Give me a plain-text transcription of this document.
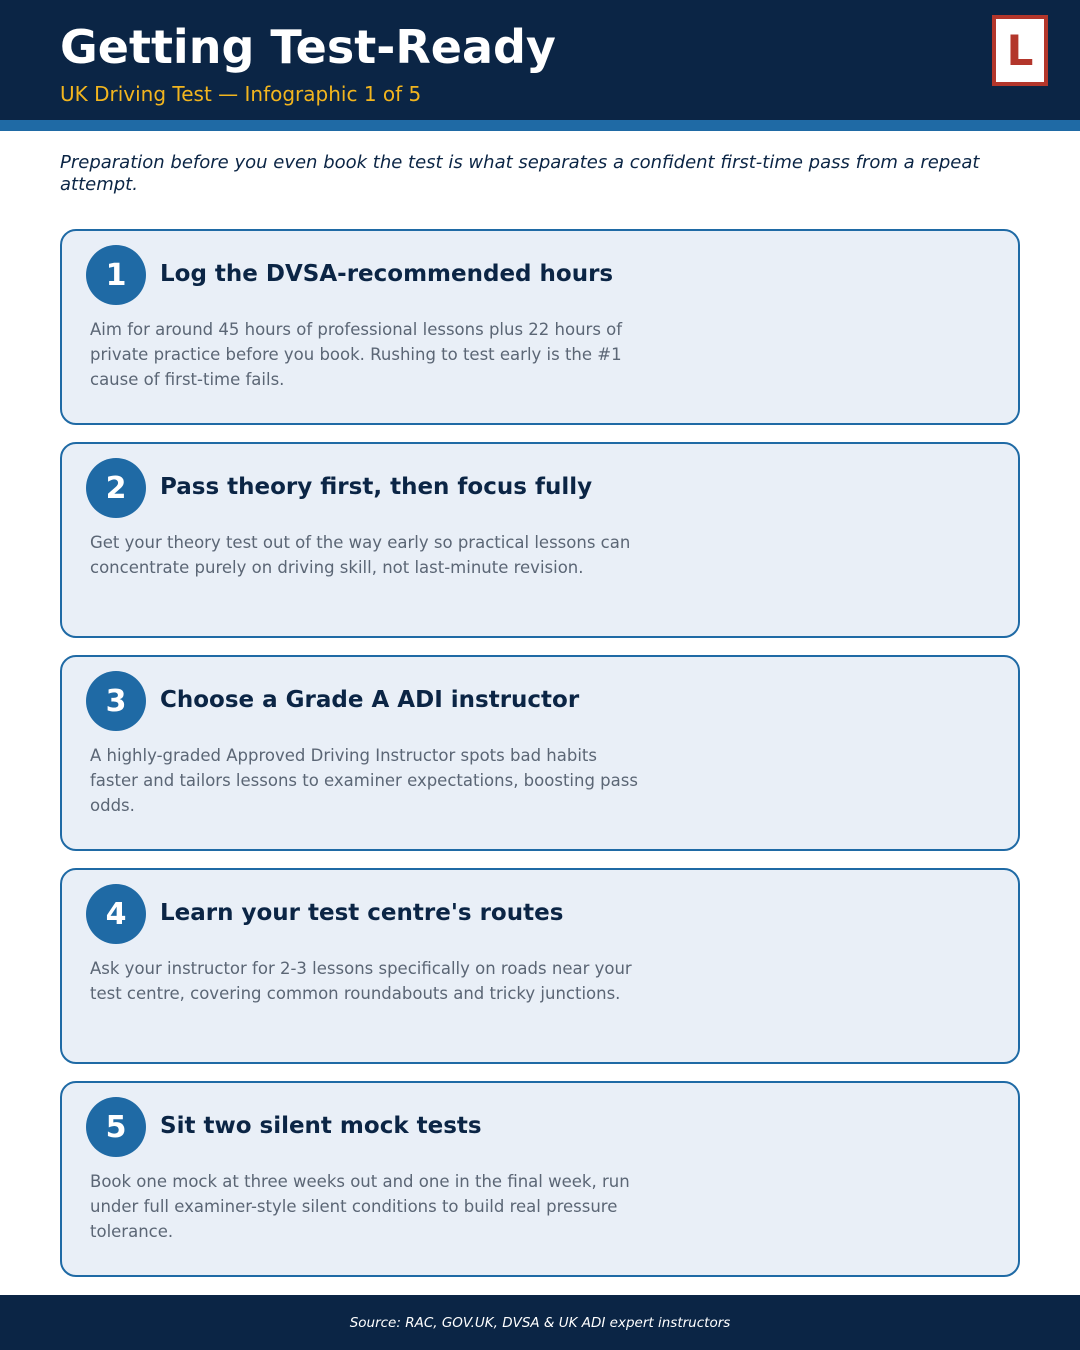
Getting Test-Ready
UK Driving Test — Infographic 1 of 5
L

Preparation before you even book the test is what separates a confident first-time pass from a repeat attempt.

1	Log the DVSA-recommended hours
Aim for around 45 hours of professional lessons plus 22 hours of private practice before you book. Rushing to test early is the #1 cause of first-time fails.
2	Pass theory first, then focus fully
Get your theory test out of the way early so practical lessons can concentrate purely on driving skill, not last-minute revision.
3	Choose a Grade A ADI instructor
A highly-graded Approved Driving Instructor spots bad habits faster and tailors lessons to examiner expectations, boosting pass odds.
4	Learn your test centre's routes
Ask your instructor for 2-3 lessons specifically on roads near your test centre, covering common roundabouts and tricky junctions.
5	Sit two silent mock tests
Book one mock at three weeks out and one in the final week, run under full examiner-style silent conditions to build real pressure tolerance.
Source: RAC, GOV.UK, DVSA & UK ADI expert instructors
